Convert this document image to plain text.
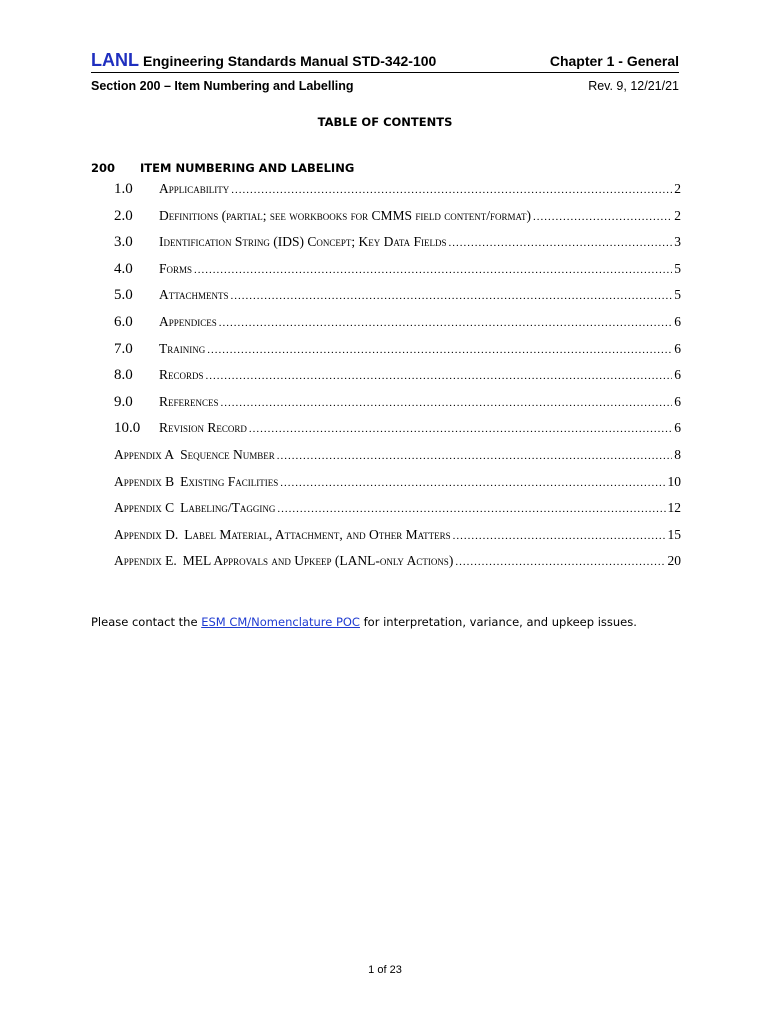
LANL Engineering Standards Manual STD-342-100	Chapter 1 - General
Section 200 – Item Numbering and Labelling	Rev. 9, 12/21/21
TABLE OF CONTENTS
200 ITEM NUMBERING AND LABELING
1.0	Applicability .....	2
2.0	Definitions (partial; see workbooks for CMMS field content/format) .....	2
3.0	Identification String (IDS) Concept; Key Data Fields .....	3
4.0	Forms .....	5
5.0	Attachments .....	5
6.0	Appendices .....	6
7.0	Training .....	6
8.0	Records .....	6
9.0	References .....	6
10.0	Revision Record .....	6
Appendix A Sequence Number .....	8
Appendix B Existing Facilities .....	10
Appendix C Labeling/Tagging .....	12
Appendix D. Label Material, Attachment, and Other Matters .....	15
Appendix E. MEL Approvals and Upkeep (LANL-only Actions) .....	20
Please contact the ESM CM/Nomenclature POC for interpretation, variance, and upkeep issues.
1 of 23
